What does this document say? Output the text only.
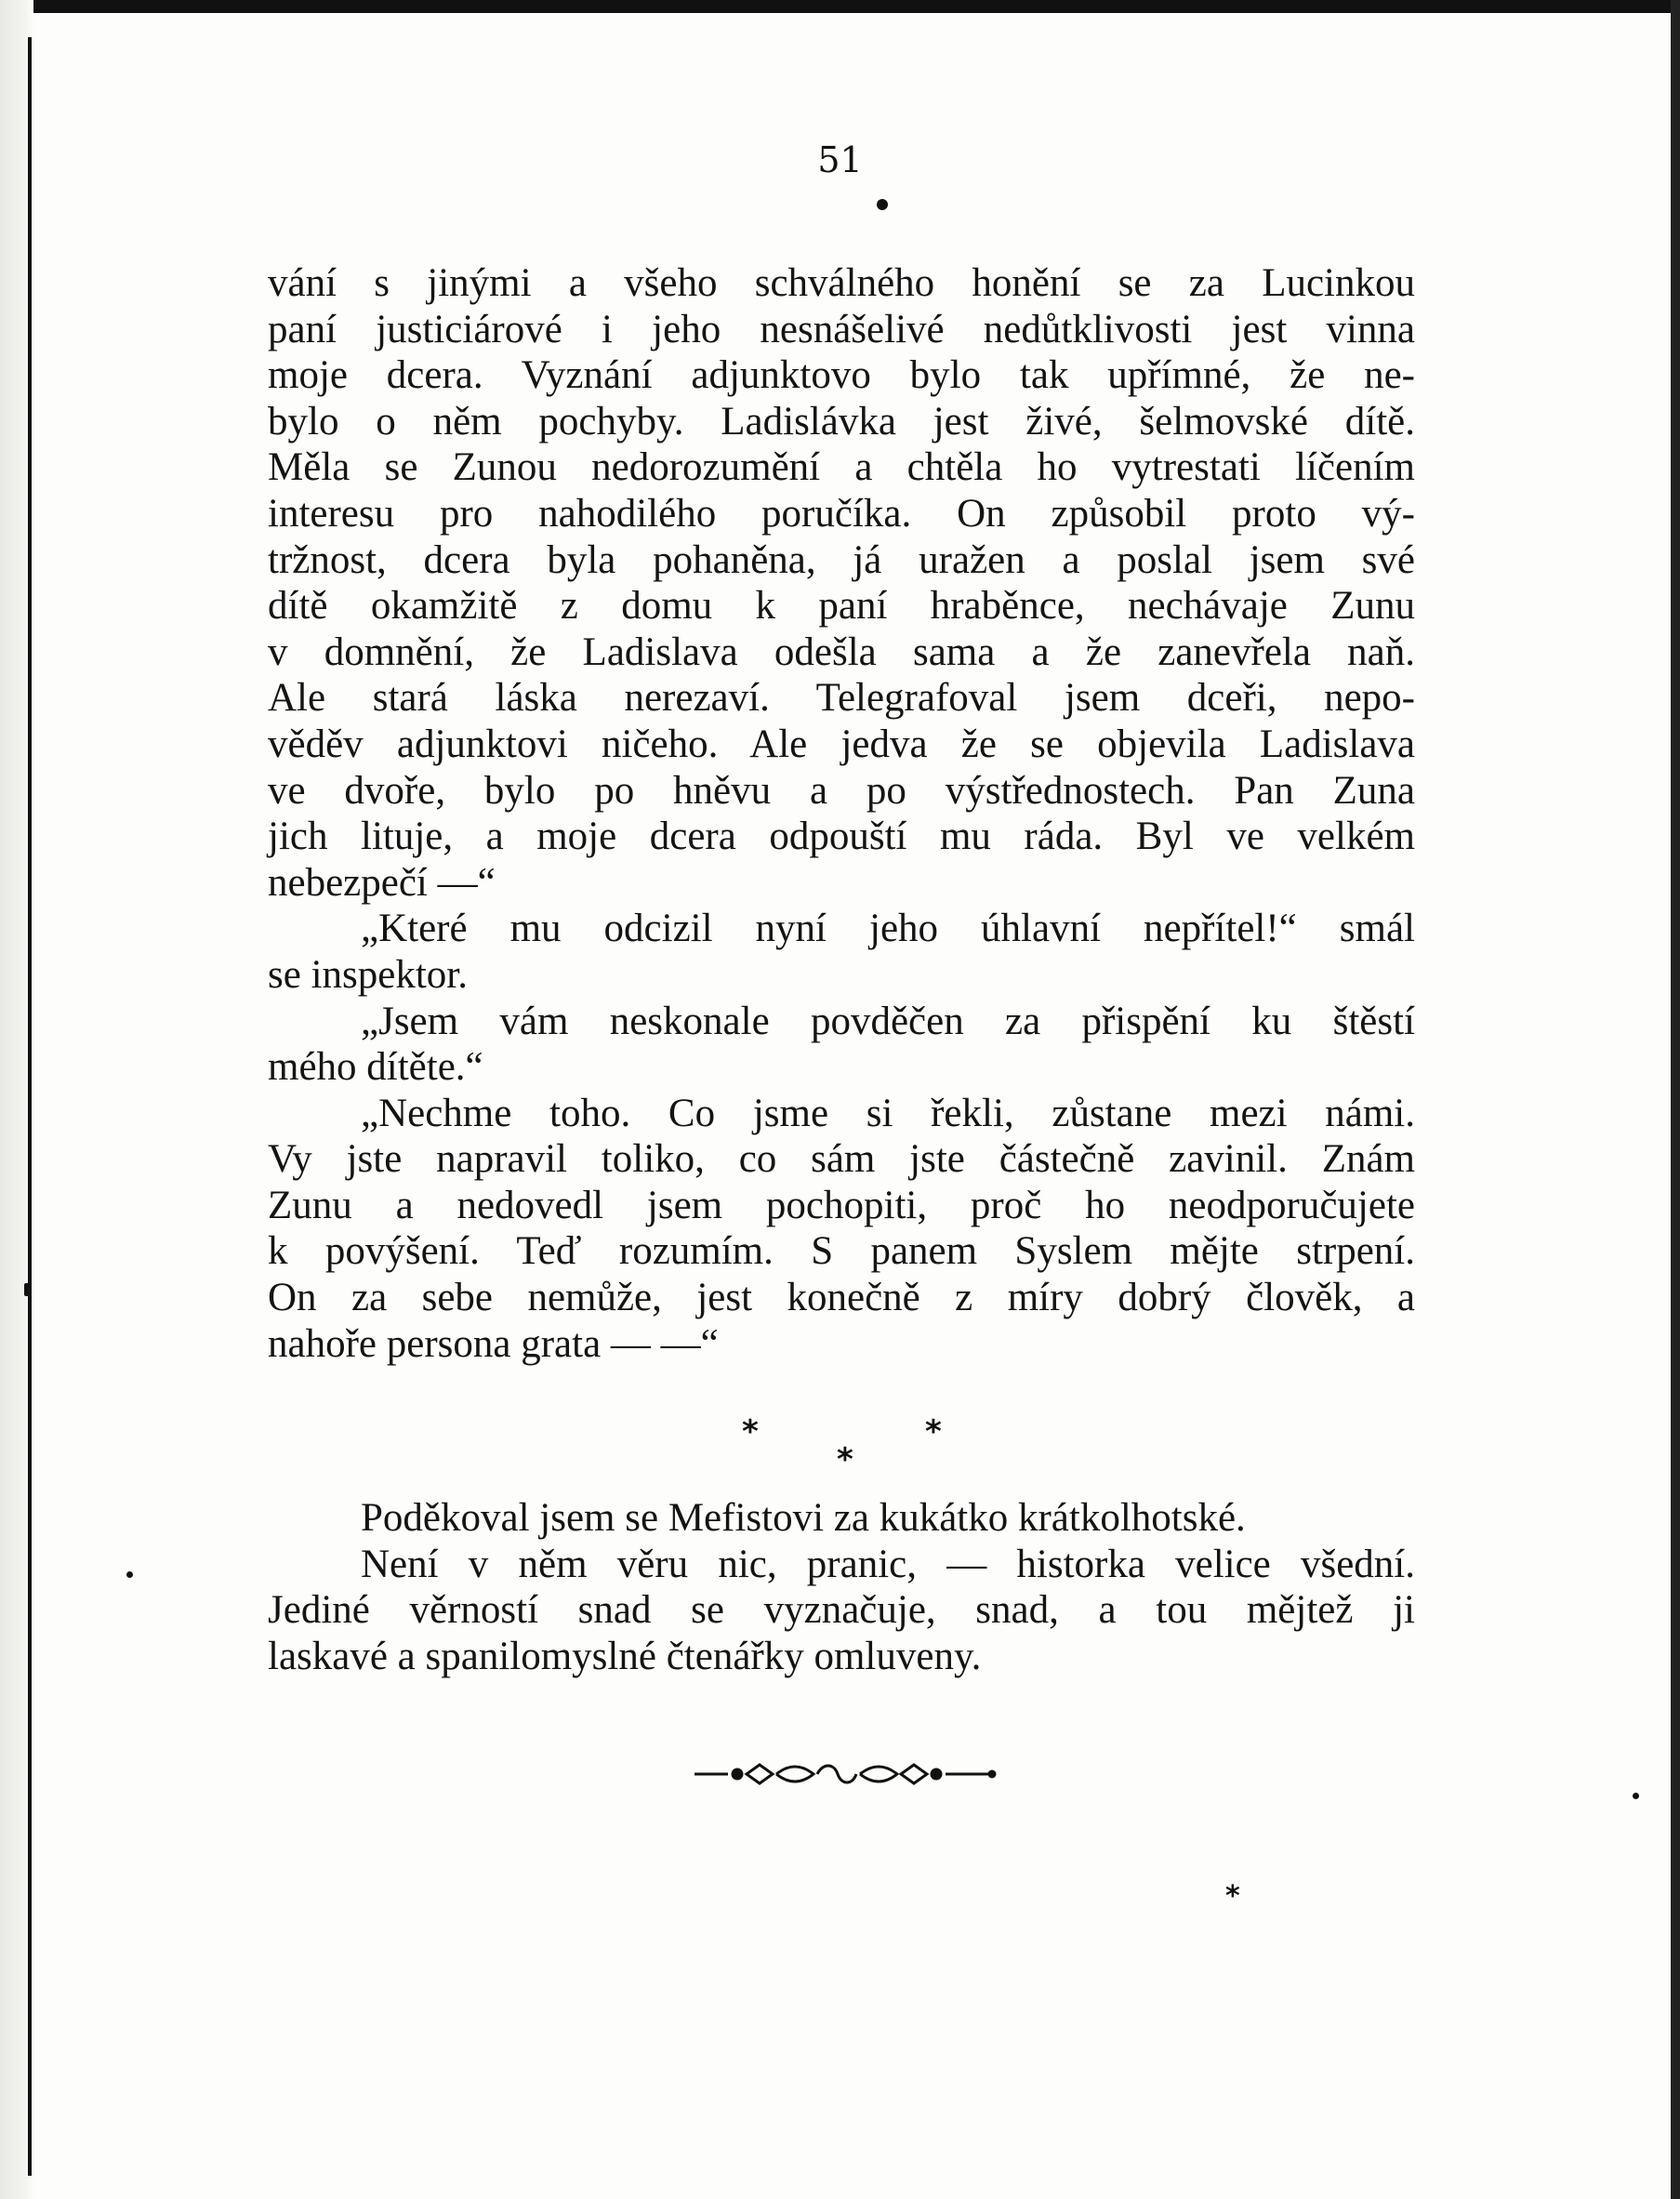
51

vání s jinými a všeho schválného honění se za Lucinkou

paní justiciárové i jeho nesnášelivé nedůtklivosti jest vinna

moje dcera. Vyznání adjunktovo bylo tak upřímné, že ne-

bylo o něm pochyby. Ladislávka jest živé, šelmovské dítě.

Měla se Zunou nedorozumění a chtěla ho vytrestati líčením

interesu pro nahodilého poručíka. On způsobil proto vý-

tržnost, dcera byla pohaněna, já uražen a poslal jsem své

dítě okamžitě z domu k paní hraběnce, nechávaje Zunu

v domnění, že Ladislava odešla sama a že zanevřela naň.

Ale stará láska nerezaví. Telegrafoval jsem dceři, nepo-

věděv adjunktovi ničeho. Ale jedva že se objevila Ladislava

ve dvoře, bylo po hněvu a po výstřednostech. Pan Zuna

jich lituje, a moje dcera odpouští mu ráda. Byl ve velkém

nebezpečí —“

„Které mu odcizil nyní jeho úhlavní nepřítel!“ smál

se inspektor.

„Jsem vám neskonale povděčen za přispění ku štěstí

mého dítěte.“

„Nechme toho. Co jsme si řekli, zůstane mezi námi.

Vy jste napravil toliko, co sám jste částečně zavinil. Znám

Zunu a nedovedl jsem pochopiti, proč ho neodporučujete

k povýšení. Teď rozumím. S panem Syslem mějte strpení.

On za sebe nemůže, jest konečně z míry dobrý člověk, a

nahoře persona grata — —“

*
*
*

Poděkoval jsem se Mefistovi za kukátko krátkolhotské.

Není v něm věru nic, pranic, — historka velice všední.

Jediné věrností snad se vyznačuje, snad, a tou mějtež ji

laskavé a spanilomyslné čtenářky omluveny.

*
